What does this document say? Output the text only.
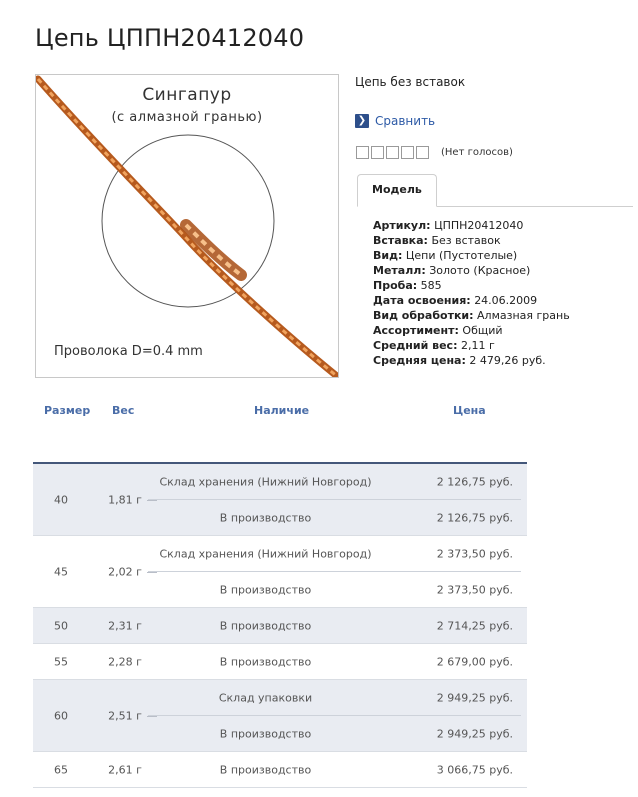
Цепь ЦППН20412040
Сингапур
(с алмазной гранью)
Проволока D=0.4 mm
Цепь без вставок
❯ Сравнить
(Нет голосов)
Модель
Артикул: ЦППН20412040
Вставка: Без вставок
Вид: Цепи (Пустотелые)
Металл: Золото (Красное)
Проба: 585
Дата освоения: 24.06.2009
Вид обработки: Алмазная грань
Ассортимент: Общий
Средний вес: 2,11 г
Средняя цена: 2 479,26 руб.
Размер Вес	Наличие	Цена
40	1,81 г
Склад хранения (Нижний Новгород)	2 126,75 руб.
В производство	2 126,75 руб.
45	2,02 г
Склад хранения (Нижний Новгород)	2 373,50 руб.
В производство	2 373,50 руб.
50	2,31 г	В производство	2 714,25 руб.
55	2,28 г	В производство	2 679,00 руб.
60	2,51 г
Склад упаковки	2 949,25 руб.
В производство	2 949,25 руб.
65	2,61 г	В производство	3 066,75 руб.
